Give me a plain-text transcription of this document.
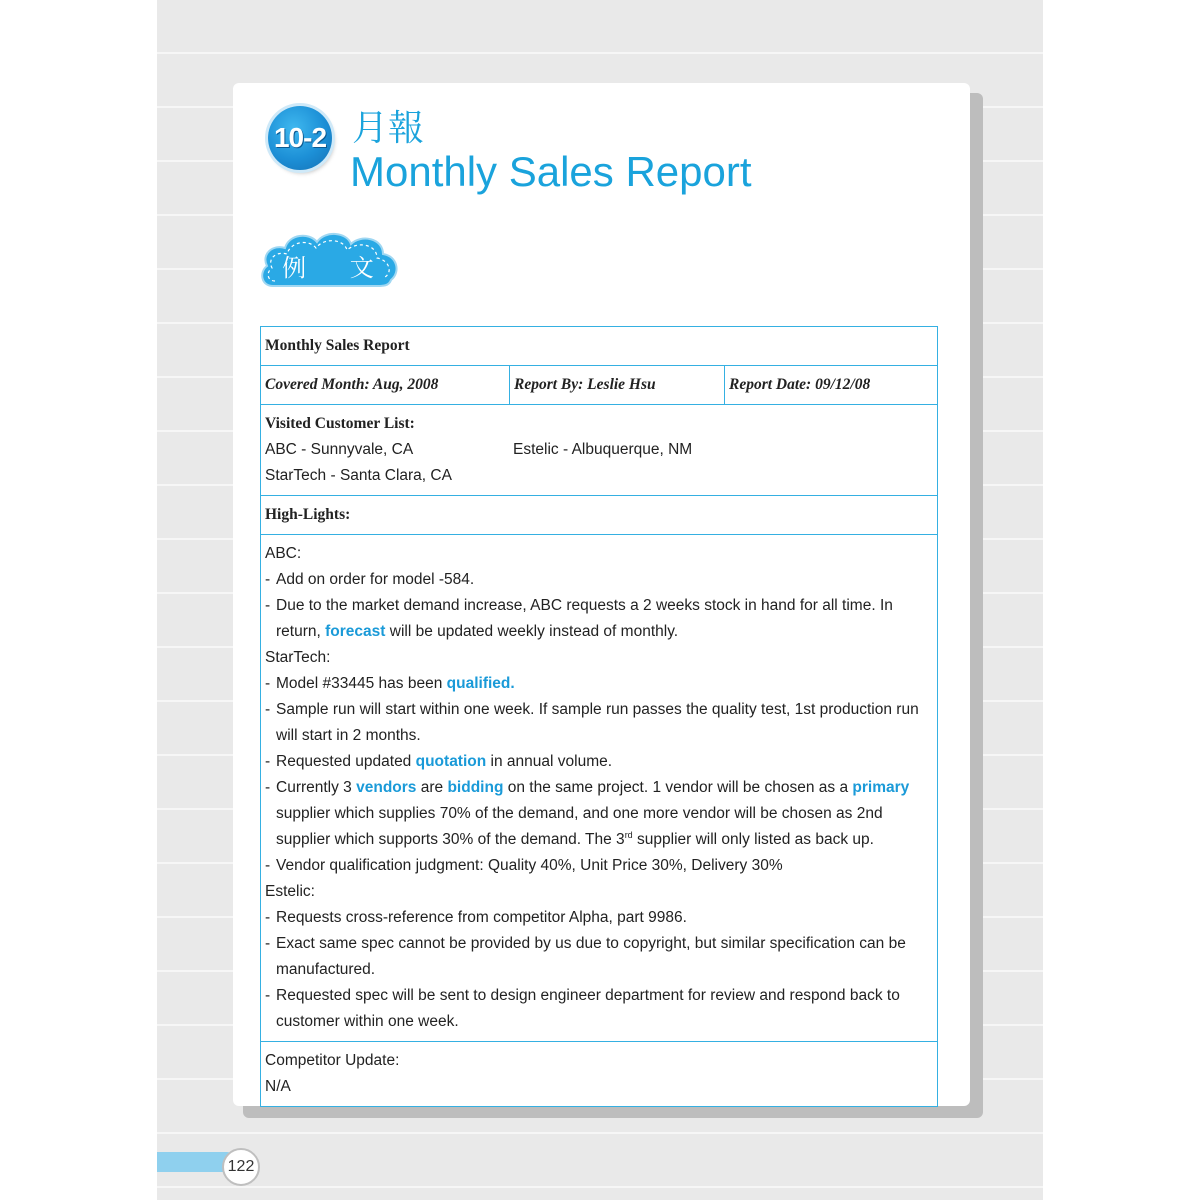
10-2 月報
Monthly Sales Report
例 文
Monthly Sales Report
Covered Month: Aug, 2008	Report By: Leslie Hsu	Report Date: 09/12/08

Visited Customer List:
ABC - Sunnyvale, CA	Estelic - Albuquerque, NM
StarTech - Santa Clara, CA

High-Lights:

ABC:
- Add on order for model -584.
- Due to the market demand increase, ABC requests a 2 weeks stock in hand for all time. In return, forecast will be updated weekly instead of monthly.
StarTech:
- Model #33445 has been qualified.
- Sample run will start within one week. If sample run passes the quality test, 1st production run will start in 2 months.
- Requested updated quotation in annual volume.
- Currently 3 vendors are bidding on the same project. 1 vendor will be chosen as a primary supplier which supplies 70% of the demand, and one more vendor will be chosen as 2nd supplier which supports 30% of the demand. The 3rd supplier will only listed as back up.
- Vendor qualification judgment: Quality 40%, Unit Price 30%, Delivery 30%
Estelic:
- Requests cross-reference from competitor Alpha, part 9986.
- Exact same spec cannot be provided by us due to copyright, but similar specification can be manufactured.
- Requested spec will be sent to design engineer department for review and respond back to customer within one week.

Competitor Update:
N/A
122
